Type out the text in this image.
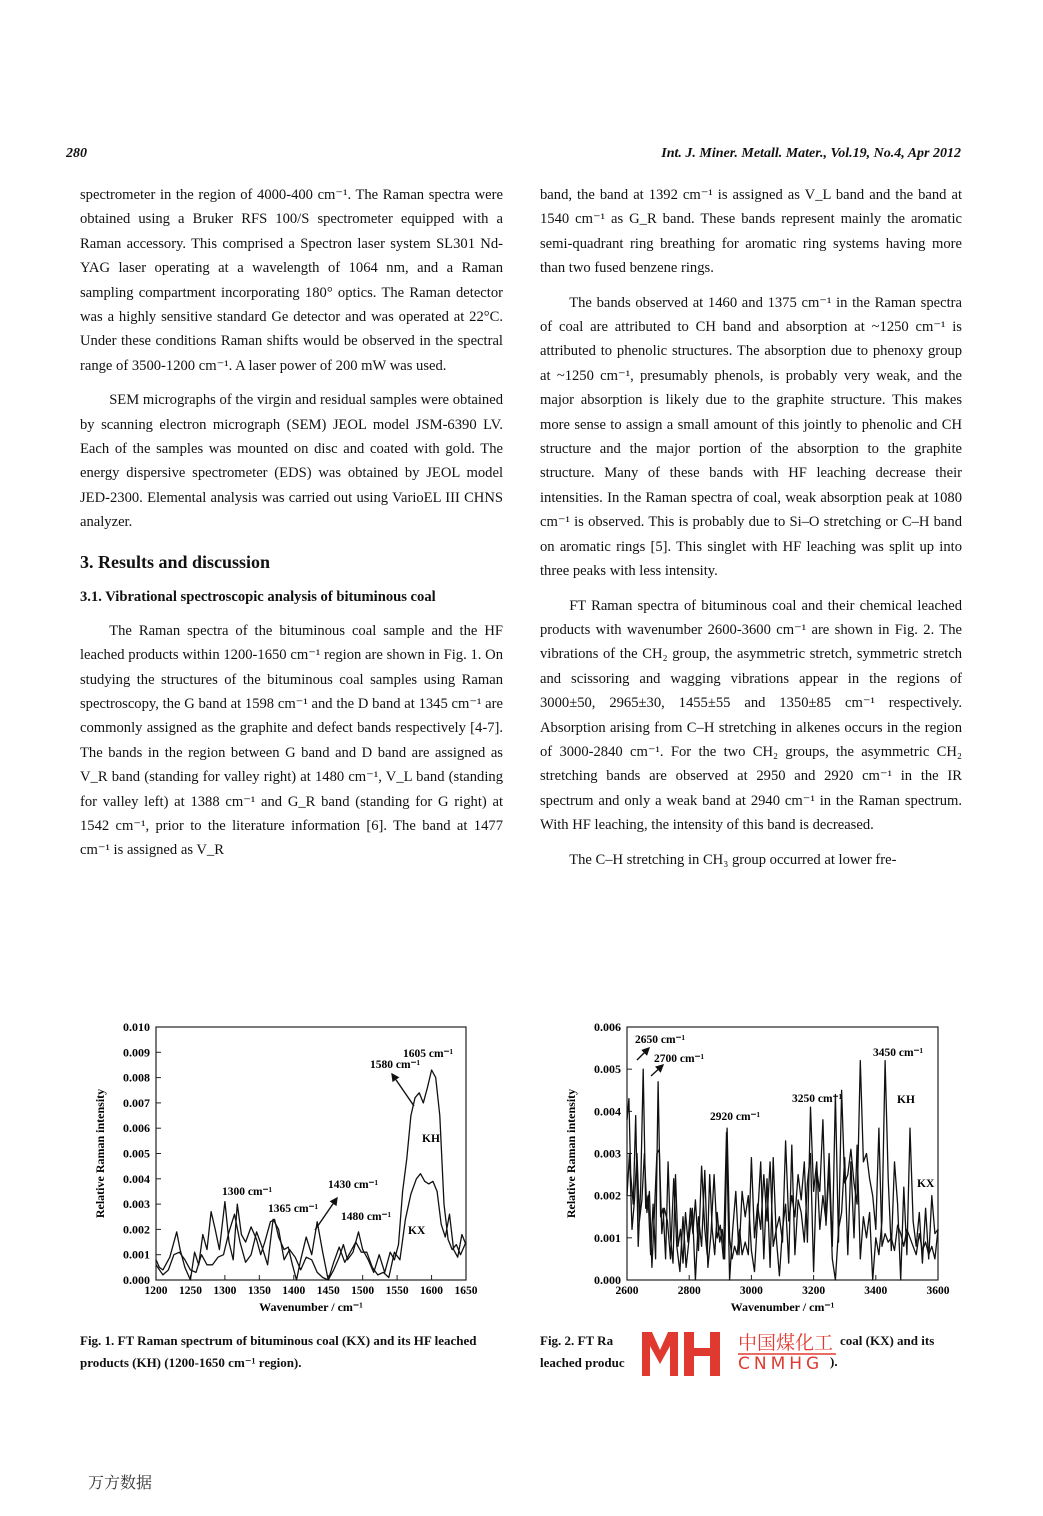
280	Int. J. Miner. Metall. Mater., Vol.19, No.4, Apr 2012

spectrometer in the region of 4000-400 cm⁻¹. The Raman spectra were obtained using a Bruker RFS 100/S spectrometer equipped with a Raman accessory. This comprised a Spectron laser system SL301 Nd-YAG laser operating at a wavelength of 1064 nm, and a Raman sampling compartment incorporating 180° optics. The Raman detector was a highly sensitive standard Ge detector and was operated at 22°C. Under these conditions Raman shifts would be observed in the spectral range of 3500-1200 cm⁻¹. A laser power of 200 mW was used.

SEM micrographs of the virgin and residual samples were obtained by scanning electron micrograph (SEM) JEOL model JSM-6390 LV. Each of the samples was mounted on disc and coated with gold. The energy dispersive spectrometer (EDS) was obtained by JEOL model JED-2300. Elemental analysis was carried out using VarioEL III CHNS analyzer.

3. Results and discussion
3.1. Vibrational spectroscopic analysis of bituminous coal

The Raman spectra of the bituminous coal sample and the HF leached products within 1200-1650 cm⁻¹ region are shown in Fig. 1. On studying the structures of the bituminous coal samples using Raman spectroscopy, the G band at 1598 cm⁻¹ and the D band at 1345 cm⁻¹ are commonly assigned as the graphite and defect bands respectively [4-7]. The bands in the region between G band and D band are assigned as V_R band (standing for valley right) at 1480 cm⁻¹, V_L band (standing for valley left) at 1388 cm⁻¹ and G_R band (standing for G right) at 1542 cm⁻¹, prior to the literature information [6]. The band at 1477 cm⁻¹ is assigned as V_R

band, the band at 1392 cm⁻¹ is assigned as V_L band and the band at 1540 cm⁻¹ as G_R band. These bands represent mainly the aromatic semi-quadrant ring breathing for aromatic ring systems having more than two fused benzene rings.

The bands observed at 1460 and 1375 cm⁻¹ in the Raman spectra of coal are attributed to CH band and absorption at ~1250 cm⁻¹ is attributed to phenolic structures. The absorption due to phenoxy group at ~1250 cm⁻¹, presumably phenols, is probably very weak, and the major absorption is likely due to the graphite structure. This makes more sense to assign a small amount of this jointly to phenolic and CH structure and the major portion of the absorption to the graphite structure. Many of these bands with HF leaching decrease their intensities. In the Raman spectra of coal, weak absorption peak at 1080 cm⁻¹ is observed. This is probably due to Si–O stretching or C–H band on aromatic rings [5]. This singlet with HF leaching was split up into three peaks with less intensity.

FT Raman spectra of bituminous coal and their chemical leached products with wavenumber 2600-3600 cm⁻¹ are shown in Fig. 2. The vibrations of the CH₂ group, the asymmetric stretch, symmetric stretch and scissoring and wagging vibrations appear in the regions of 3000±50, 2965±30, 1455±55 and 1350±85 cm⁻¹ respectively. Absorption arising from C–H stretching in alkenes occurs in the region of 3000-2840 cm⁻¹. For the two CH₂ groups, the asymmetric CH₂ stretching bands are observed at 2950 and 2920 cm⁻¹ in the IR spectrum and only a weak band at 2940 cm⁻¹ in the Raman spectrum. With HF leaching, the intensity of this band is decreased.

The C–H stretching in CH₃ group occurred at lower fre-

0.000
0.001
0.002
0.003
0.004
0.005
0.006
0.007
0.008
0.009
0.010
1200 1250 1300 1350 1400 1450 1500 1550 1600 1650
Wavenumber / cm⁻¹
Relative Raman intensity
1605 cm⁻¹
1580 cm⁻¹
1300 cm⁻¹
1365 cm⁻¹
1430 cm⁻¹
1480 cm⁻¹
KH
KX
0.000
0.001
0.002
0.003
0.004
0.005
0.006
2600	2800	3000	3200	3400	3600
Wavenumber / cm⁻¹
Relative Raman intensity
2650 cm⁻¹
2700 cm⁻¹
2920 cm⁻¹
3250 cm⁻¹
3450 cm⁻¹
KH
KX
Fig. 1. FT Raman spectrum of bituminous coal (KX) and its HF leached products (KH) (1200-1650 cm⁻¹ region).
Fig. 2. FT Ra
leached produc
coal (KX) and its
中国煤化工
CNMHG ).
万方数据
